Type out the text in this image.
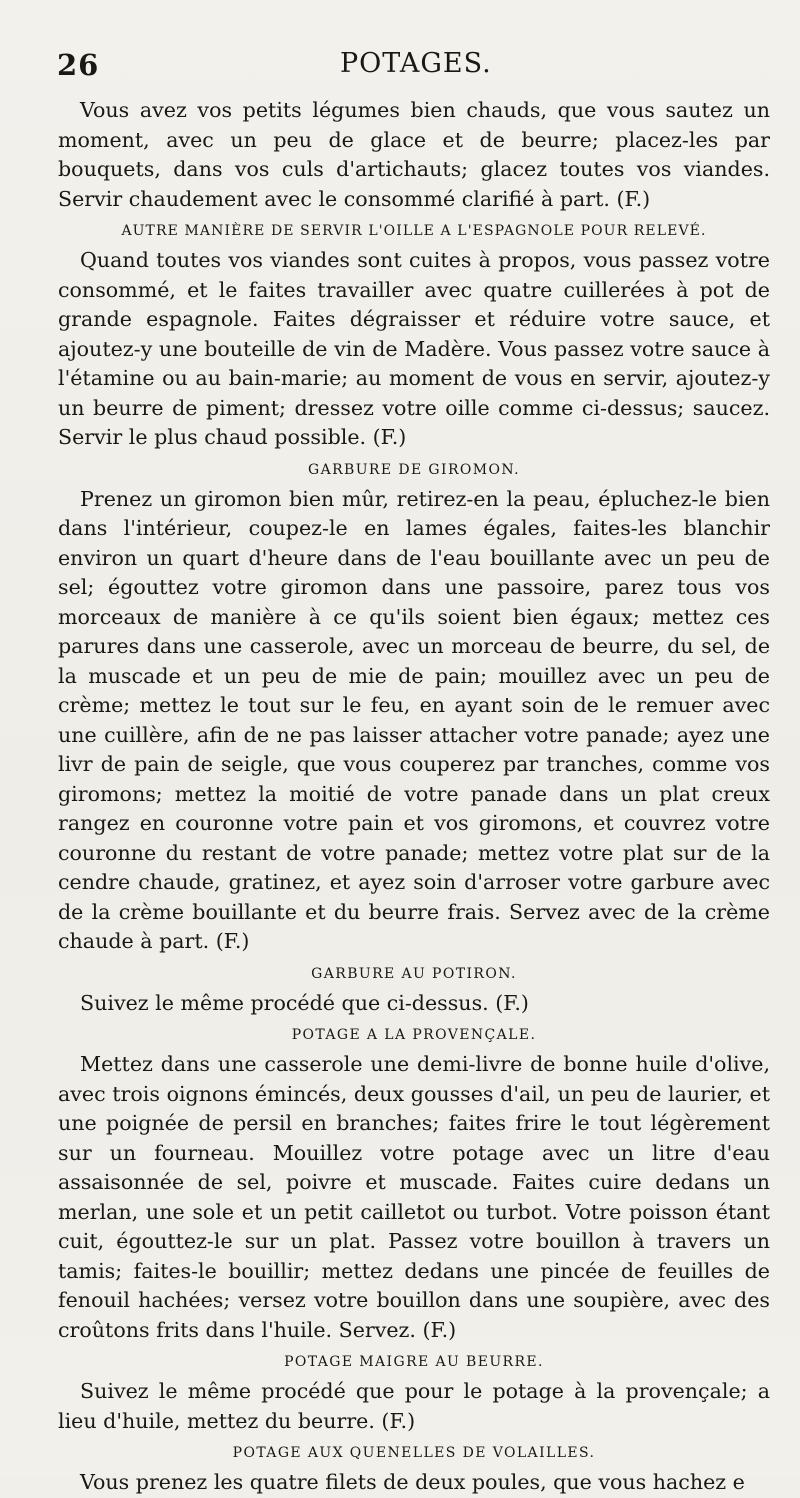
26	POTAGES.

Vous avez vos petits légumes bien chauds, que vous sautez un moment, avec un peu de glace et de beurre; placez-les par bouquets, dans vos culs d'artichauts; glacez toutes vos viandes. Servir chaudement avec le consommé clarifié à part. (F.)

AUTRE MANIÈRE DE SERVIR L'OILLE A L'ESPAGNOLE POUR RELEVÉ.

Quand toutes vos viandes sont cuites à propos, vous passez votre consommé, et le faites travailler avec quatre cuillerées à pot de grande espagnole. Faites dégraisser et réduire votre sauce, et ajoutez-y une bouteille de vin de Madère. Vous passez votre sauce à l'étamine ou au bain-marie; au moment de vous en servir, ajoutez-y un beurre de piment; dressez votre oille comme ci-dessus; saucez. Servir le plus chaud possible. (F.)

GARBURE DE GIROMON.

Prenez un giromon bien mûr, retirez-en la peau, épluchez-le bien dans l'intérieur, coupez-le en lames égales, faites-les blanchir environ un quart d'heure dans de l'eau bouillante avec un peu de sel; égouttez votre giromon dans une passoire, parez tous vos morceaux de manière à ce qu'ils soient bien égaux; mettez ces parures dans une casserole, avec un morceau de beurre, du sel, de la muscade et un peu de mie de pain; mouillez avec un peu de crème; mettez le tout sur le feu, en ayant soin de le remuer avec une cuillère, afin de ne pas laisser attacher votre panade; ayez une livr de pain de seigle, que vous couperez par tranches, comme vos giromons; mettez la moitié de votre panade dans un plat creux rangez en couronne votre pain et vos giromons, et couvrez votre couronne du restant de votre panade; mettez votre plat sur de la cendre chaude, gratinez, et ayez soin d'arroser votre garbure avec de la crème bouillante et du beurre frais. Servez avec de la crème chaude à part. (F.)

GARBURE AU POTIRON.

Suivez le même procédé que ci-dessus. (F.)

POTAGE A LA PROVENÇALE.

Mettez dans une casserole une demi-livre de bonne huile d'olive, avec trois oignons émincés, deux gousses d'ail, un peu de laurier, et une poignée de persil en branches; faites frire le tout légèrement sur un fourneau. Mouillez votre potage avec un litre d'eau assaisonnée de sel, poivre et muscade. Faites cuire dedans un merlan, une sole et un petit cailletot ou turbot. Votre poisson étant cuit, égouttez-le sur un plat. Passez votre bouillon à travers un tamis; faites-le bouillir; mettez dedans une pincée de feuilles de fenouil hachées; versez votre bouillon dans une soupière, avec des croûtons frits dans l'huile. Servez. (F.)

POTAGE MAIGRE AU BEURRE.

Suivez le même procédé que pour le potage à la provençale; a lieu d'huile, mettez du beurre. (F.)

POTAGE AUX QUENELLES DE VOLAILLES.

Vous prenez les quatre filets de deux poules, que vous hachez e
